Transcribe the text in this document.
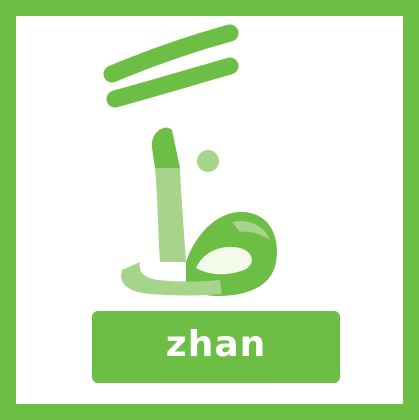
zhan
